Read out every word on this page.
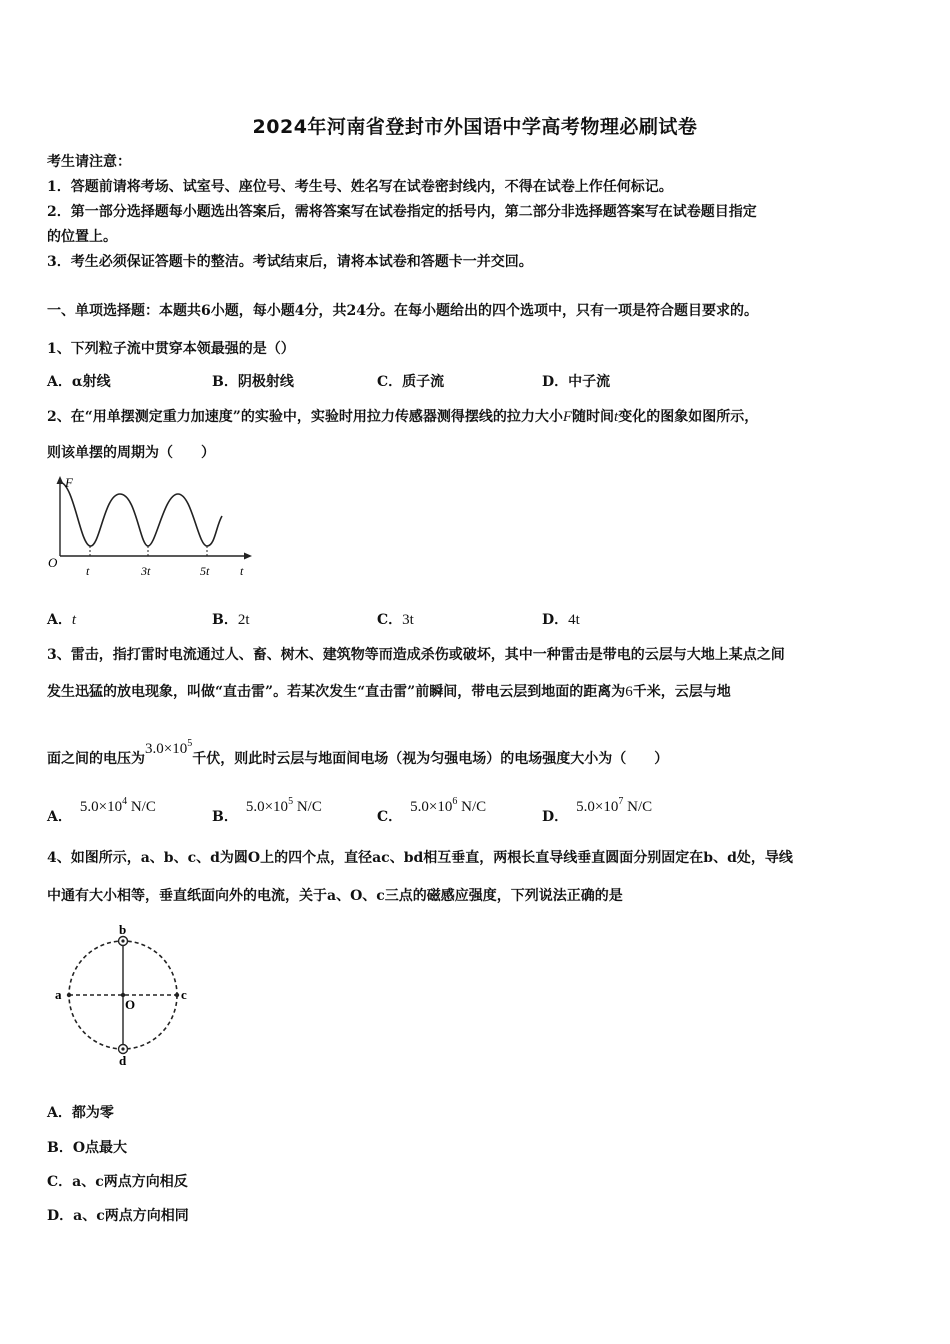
2024年河南省登封市外国语中学高考物理必刷试卷
考生请注意：
1．答题前请将考场、试室号、座位号、考生号、姓名写在试卷密封线内，不得在试卷上作任何标记。
2．第一部分选择题每小题选出答案后，需将答案写在试卷指定的括号内，第二部分非选择题答案写在试卷题目指定
的位置上。
3．考生必须保证答题卡的整洁。考试结束后，请将本试卷和答题卡一并交回。
一、单项选择题：本题共6小题，每小题4分，共24分。在每小题给出的四个选项中，只有一项是符合题目要求的。
1、下列粒子流中贯穿本领最强的是（）
A．α射线	B．阴极射线	C．质子流	D．中子流
2、在“用单摆测定重力加速度”的实验中，实验时用拉力传感器测得摆线的拉力大小F随时间t变化的图象如图所示，
则该单摆的周期为（　　）
F
O
t
t	3t	5t
A．t	B．2t	C．3t	D．4t
3、雷击，指打雷时电流通过人、畜、树木、建筑物等而造成杀伤或破坏，其中一种雷击是带电的云层与大地上某点之间
发生迅猛的放电现象，叫做“直击雷”。若某次发生“直击雷”前瞬间，带电云层到地面的距离为6千米，云层与地
面之间的电压为$3.0\times 10^5$千伏，则此时云层与地面间电场（视为匀强电场）的电场强度大小为（　　）
A．$5.0\times 10^4$ N/C
B．$5.0\times 10^5$ N/C
C．$5.0\times 10^6$ N/C
D．$5.0\times 10^7$ N/C
4、如图所示，a、b、c、d为圆O上的四个点，直径ac、bd相互垂直，两根长直导线垂直圆面分别固定在b、d处，导线
中通有大小相等，垂直纸面向外的电流，关于a、O、c三点的磁感应强度，下列说法正确的是
b
d
a	c
O
A．都为零
B．O点最大
C．a、c两点方向相反
D．a、c两点方向相同
